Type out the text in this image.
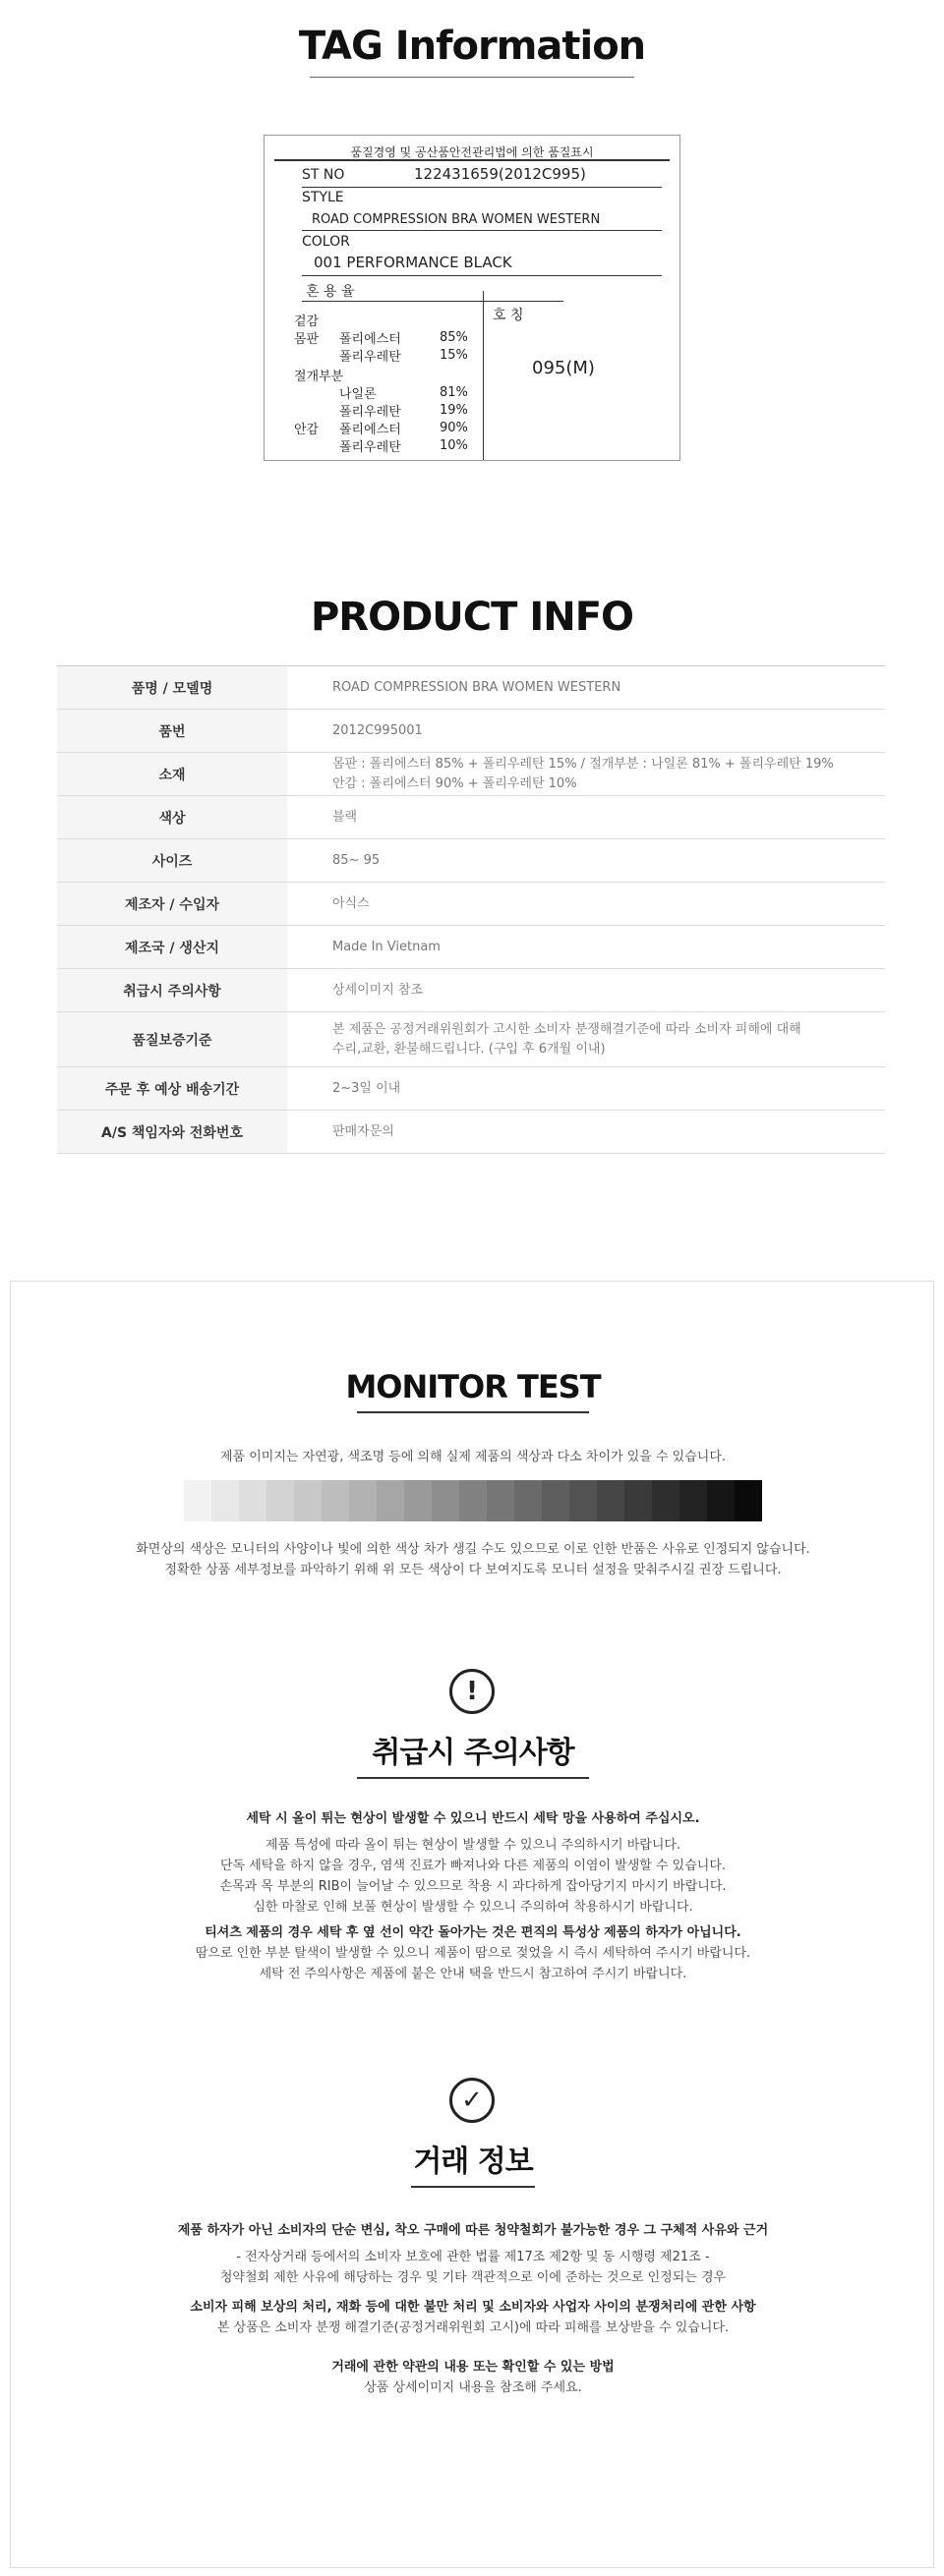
TAG Information
품질경영 및 공산품안전관리법에 의한 품질표시
ST NO	122431659(2012C995)
STYLE
ROAD COMPRESSION BRA WOMEN WESTERN
COLOR
001 PERFORMANCE BLACK
혼 용 율
호 칭
095(M)
겉감
몸판 폴리에스터	85%
폴리우레탄	15%
절개부분
나일론	81%
폴리우레탄	19%
안감 폴리에스터	90%
폴리우레탄	10%
PRODUCT INFO
품명 / 모델명	ROAD COMPRESSION BRA WOMEN WESTERN
품번	2012C995001
소재
몸판 : 폴리에스터 85% + 폴리우레탄 15% / 절개부분 : 나일론 81% + 폴리우레탄 19%
안감 : 폴리에스터 90% + 폴리우레탄 10%
색상	블랙
사이즈	85~ 95
제조자 / 수입자	아식스
제조국 / 생산지	Made In Vietnam
취급시 주의사항	상세이미지 참조
품질보증기준
본 제품은 공정거래위원회가 고시한 소비자 분쟁해결기준에 따라 소비자 피해에 대해
수리,교환, 환불해드립니다. (구입 후 6개월 이내)
주문 후 예상 배송기간	2~3일 이내
A/S 책임자와 전화번호	판매자문의
MONITOR TEST
제품 이미지는 자연광, 색조명 등에 의해 실제 제품의 색상과 다소 차이가 있을 수 있습니다.
화면상의 색상은 모니터의 사양이나 빛에 의한 색상 차가 생길 수도 있으므로 이로 인한 반품은 사유로 인정되지 않습니다.
정확한 상품 세부정보를 파악하기 위해 위 모든 색상이 다 보여지도록 모니터 설정을 맞춰주시길 권장 드립니다.
!
취급시 주의사항
세탁 시 올이 튀는 현상이 발생할 수 있으니 반드시 세탁 망을 사용하여 주십시오.
제품 특성에 따라 올이 튀는 현상이 발생할 수 있으니 주의하시기 바랍니다.
단독 세탁을 하지 않을 경우, 염색 진료가 빠져나와 다른 제품의 이염이 발생할 수 있습니다.
손목과 목 부분의 RIB이 늘어날 수 있으므로 착용 시 과다하게 잡아당기지 마시기 바랍니다.
심한 마찰로 인해 보풀 현상이 발생할 수 있으니 주의하여 착용하시기 바랍니다.
티셔츠 제품의 경우 세탁 후 옆 선이 약간 돌아가는 것은 편직의 특성상 제품의 하자가 아닙니다.
땀으로 인한 부분 탈색이 발생할 수 있으니 제품이 땀으로 젖었을 시 즉시 세탁하여 주시기 바랍니다.
세탁 전 주의사항은 제품에 붙은 안내 택을 반드시 참고하여 주시기 바랍니다.
✓
거래 정보
제품 하자가 아닌 소비자의 단순 변심, 착오 구매에 따른 청약철회가 불가능한 경우 그 구체적 사유와 근거
- 전자상거래 등에서의 소비자 보호에 관한 법률 제17조 제2항 및 동 시행령 제21조 -
청약철회 제한 사유에 해당하는 경우 및 기타 객관적으로 이에 준하는 것으로 인정되는 경우
소비자 피해 보상의 처리, 재화 등에 대한 불만 처리 및 소비자와 사업자 사이의 분쟁처리에 관한 사항
본 상품은 소비자 분쟁 해결기준(공정거래위원회 고시)에 따라 피해를 보상받을 수 있습니다.
거래에 관한 약관의 내용 또는 확인할 수 있는 방법
상품 상세이미지 내용을 참조해 주세요.
